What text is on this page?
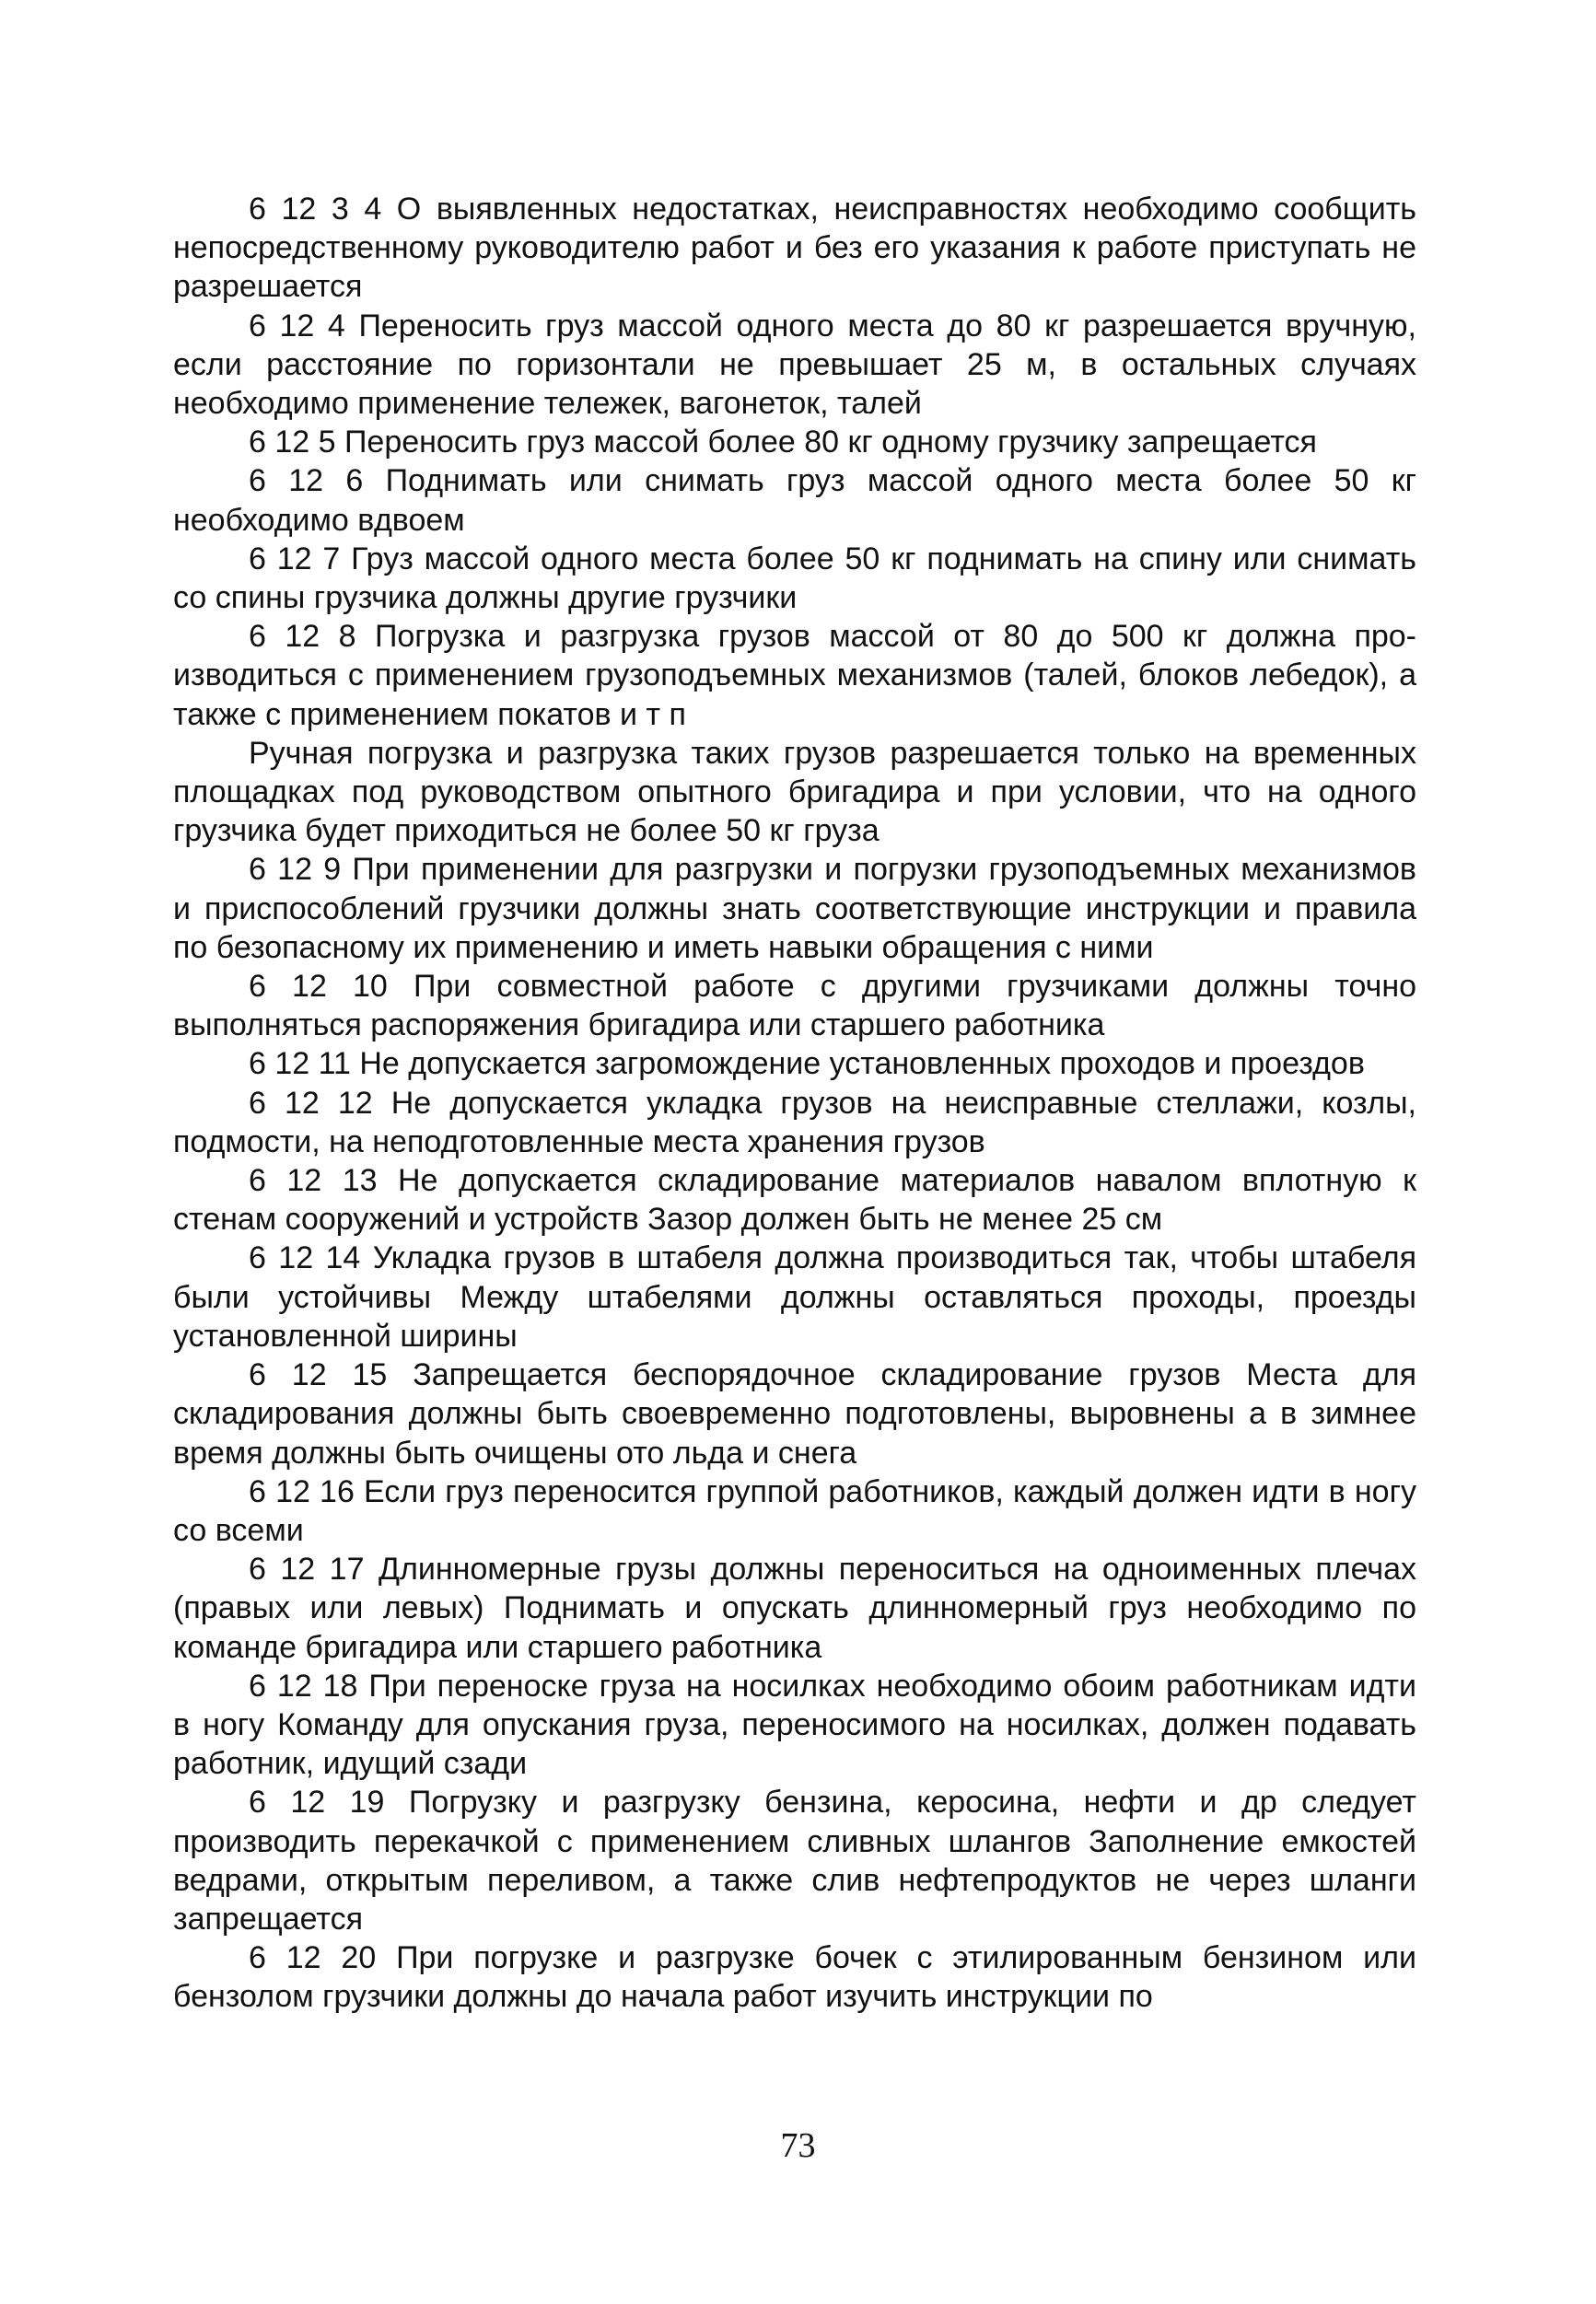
6 12 3 4 О выявленных недостатках, неисправностях необходимо сообщить непосредственному руководителю работ и без его указания к работе приступать не разрешается

6 12 4 Переносить груз массой одного места до 80 кг разрешается вручную, если расстояние по горизонтали не превышает 25 м, в остальных случаях необходимо применение тележек, вагонеток, талей

6 12 5 Переносить груз массой более 80 кг одному грузчику запрещается

6 12 6 Поднимать или снимать груз массой одного места более 50 кг необходимо вдвоем

6 12 7 Груз массой одного места более 50 кг поднимать на спину или снимать со спины грузчика должны другие грузчики

6 12 8 Погрузка и разгрузка грузов массой от 80 до 500 кг должна производиться с применением грузоподъемных механизмов (талей, блоков лебедок), а также с применением покатов и т п

Ручная погрузка и разгрузка таких грузов разрешается только на временных площадках под руководством опытного бригадира и при условии, что на одного грузчика будет приходиться не более 50 кг груза

6 12 9 При применении для разгрузки и погрузки грузоподъемных механизмов и приспособлений грузчики должны знать соответствующие инструкции и правила по безопасному их применению и иметь навыки обращения с ними

6 12 10 При совместной работе с другими грузчиками должны точно выполняться распоряжения бригадира или старшего работника

6 12 11 Не допускается загромождение установленных проходов и проездов

6 12 12 Не допускается укладка грузов на неисправные стеллажи, козлы, подмости, на неподготовленные места хранения грузов

6 12 13 Не допускается складирование материалов навалом вплотную к стенам сооружений и устройств Зазор должен быть не менее 25 см

6 12 14 Укладка грузов в штабеля должна производиться так, чтобы штабеля были устойчивы Между штабелями должны оставляться проходы, проезды установленной ширины

6 12 15 Запрещается беспорядочное складирование грузов Места для складирования должны быть своевременно подготовлены, выровнены а в зимнее время должны быть очищены ото льда и снега

6 12 16 Если груз переносится группой работников, каждый должен идти в ногу со всеми

6 12 17 Длинномерные грузы должны переноситься на одноименных плечах (правых или левых) Поднимать и опускать длинномерный груз необходимо по команде бригадира или старшего работника

6 12 18 При переноске груза на носилках необходимо обоим работникам идти в ногу Команду для опускания груза, переносимого на носилках, должен подавать работник, идущий сзади

6 12 19 Погрузку и разгрузку бензина, керосина, нефти и др следует производить перекачкой с применением сливных шлангов Заполнение емкостей ведрами, открытым переливом, а также слив нефтепродуктов не через шланги запрещается

6 12 20 При погрузке и разгрузке бочек с этилированным бензином или бензолом грузчики должны до начала работ изучить инструкции по

73
